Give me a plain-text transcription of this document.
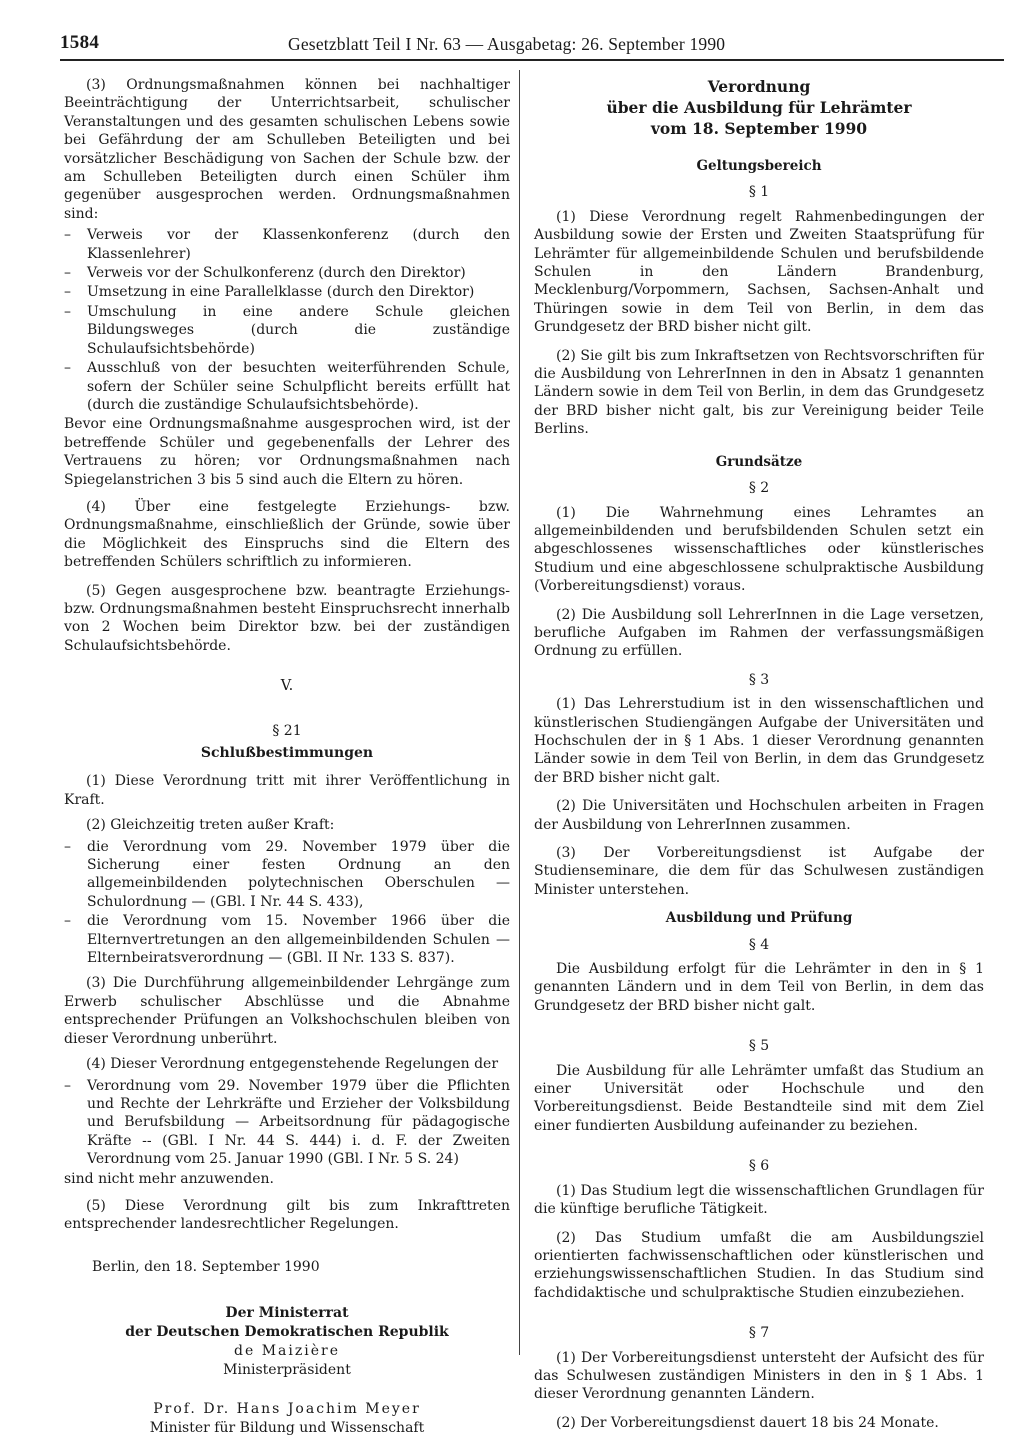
1584	Gesetzblatt Teil I Nr. 63 — Ausgabetag: 26. September 1990

(3) Ordnungsmaßnahmen können bei nachhaltiger Beeinträchtigung der Unterrichtsarbeit, schulischer Veranstaltungen und des gesamten schulischen Lebens sowie bei Gefährdung der am Schulleben Beteiligten und bei vorsätzlicher Beschädigung von Sachen der Schule bzw. der am Schulleben Beteiligten durch einen Schüler ihm gegenüber ausgesprochen werden. Ordnungsmaßnahmen sind:

– Verweis vor der Klassenkonferenz (durch den Klassenlehrer)
– Verweis vor der Schulkonferenz (durch den Direktor)
– Umsetzung in eine Parallelklasse (durch den Direktor)
– Umschulung in eine andere Schule gleichen Bildungsweges (durch die zuständige Schulaufsichtsbehörde)
– Ausschluß von der besuchten weiterführenden Schule, sofern der Schüler seine Schulpflicht bereits erfüllt hat (durch die zuständige Schulaufsichtsbehörde).

Bevor eine Ordnungsmaßnahme ausgesprochen wird, ist der betreffende Schüler und gegebenenfalls der Lehrer des Vertrauens zu hören; vor Ordnungsmaßnahmen nach Spiegelanstrichen 3 bis 5 sind auch die Eltern zu hören.

(4) Über eine festgelegte Erziehungs- bzw. Ordnungsmaßnahme, einschließlich der Gründe, sowie über die Möglichkeit des Einspruchs sind die Eltern des betreffenden Schülers schriftlich zu informieren.

(5) Gegen ausgesprochene bzw. beantragte Erziehungs- bzw. Ordnungsmaßnahmen besteht Einspruchsrecht innerhalb von 2 Wochen beim Direktor bzw. bei der zuständigen Schulaufsichtsbehörde.

V.
§ 21
Schlußbestimmungen

(1) Diese Verordnung tritt mit ihrer Veröffentlichung in Kraft.

(2) Gleichzeitig treten außer Kraft:

– die Verordnung vom 29. November 1979 über die Sicherung einer festen Ordnung an den allgemeinbildenden polytechnischen Oberschulen — Schulordnung — (GBl. I Nr. 44 S. 433),
– die Verordnung vom 15. November 1966 über die Elternvertretungen an den allgemeinbildenden Schulen — Elternbeiratsverordnung — (GBl. II Nr. 133 S. 837).

(3) Die Durchführung allgemeinbildender Lehrgänge zum Erwerb schulischer Abschlüsse und die Abnahme entsprechender Prüfungen an Volkshochschulen bleiben von dieser Verordnung unberührt.

(4) Dieser Verordnung entgegenstehende Regelungen der

– Verordnung vom 29. November 1979 über die Pflichten und Rechte der Lehrkräfte und Erzieher der Volksbildung und Berufsbildung — Arbeitsordnung für pädagogische Kräfte -- (GBl. I Nr. 44 S. 444) i. d. F. der Zweiten Verordnung vom 25. Januar 1990 (GBl. I Nr. 5 S. 24)

sind nicht mehr anzuwenden.

(5) Diese Verordnung gilt bis zum Inkrafttreten entsprechender landesrechtlicher Regelungen.

Berlin, den 18. September 1990
Der Ministerrat
der Deutschen Demokratischen Republik
de Maizière
Ministerpräsident
Prof. Dr. Hans Joachim Meyer
Minister für Bildung und Wissenschaft
Verordnung
über die Ausbildung für Lehrämter
vom 18. September 1990
Geltungsbereich
§ 1

(1) Diese Verordnung regelt Rahmenbedingungen der Ausbildung sowie der Ersten und Zweiten Staatsprüfung für Lehrämter für allgemeinbildende Schulen und berufsbildende Schulen in den Ländern Brandenburg, Mecklenburg/Vorpommern, Sachsen, Sachsen-Anhalt und Thüringen sowie in dem Teil von Berlin, in dem das Grundgesetz der BRD bisher nicht gilt.

(2) Sie gilt bis zum Inkraftsetzen von Rechtsvorschriften für die Ausbildung von LehrerInnen in den in Absatz 1 genannten Ländern sowie in dem Teil von Berlin, in dem das Grundgesetz der BRD bisher nicht galt, bis zur Vereinigung beider Teile Berlins.

Grundsätze
§ 2

(1) Die Wahrnehmung eines Lehramtes an allgemeinbildenden und berufsbildenden Schulen setzt ein abgeschlossenes wissenschaftliches oder künstlerisches Studium und eine abgeschlossene schulpraktische Ausbildung (Vorbereitungsdienst) voraus.

(2) Die Ausbildung soll LehrerInnen in die Lage versetzen, berufliche Aufgaben im Rahmen der verfassungsmäßigen Ordnung zu erfüllen.

§ 3

(1) Das Lehrerstudium ist in den wissenschaftlichen und künstlerischen Studiengängen Aufgabe der Universitäten und Hochschulen der in § 1 Abs. 1 dieser Verordnung genannten Länder sowie in dem Teil von Berlin, in dem das Grundgesetz der BRD bisher nicht galt.

(2) Die Universitäten und Hochschulen arbeiten in Fragen der Ausbildung von LehrerInnen zusammen.

(3) Der Vorbereitungsdienst ist Aufgabe der Studienseminare, die dem für das Schulwesen zuständigen Minister unterstehen.

Ausbildung und Prüfung
§ 4

Die Ausbildung erfolgt für die Lehrämter in den in § 1 genannten Ländern und in dem Teil von Berlin, in dem das Grundgesetz der BRD bisher nicht galt.

§ 5

Die Ausbildung für alle Lehrämter umfaßt das Studium an einer Universität oder Hochschule und den Vorbereitungsdienst. Beide Bestandteile sind mit dem Ziel einer fundierten Ausbildung aufeinander zu beziehen.

§ 6

(1) Das Studium legt die wissenschaftlichen Grundlagen für die künftige berufliche Tätigkeit.

(2) Das Studium umfaßt die am Ausbildungsziel orientierten fachwissenschaftlichen oder künstlerischen und erziehungswissenschaftlichen Studien. In das Studium sind fachdidaktische und schulpraktische Studien einzubeziehen.

§ 7

(1) Der Vorbereitungsdienst untersteht der Aufsicht des für das Schulwesen zuständigen Ministers in den in § 1 Abs. 1 dieser Verordnung genannten Ländern.

(2) Der Vorbereitungsdienst dauert 18 bis 24 Monate.
